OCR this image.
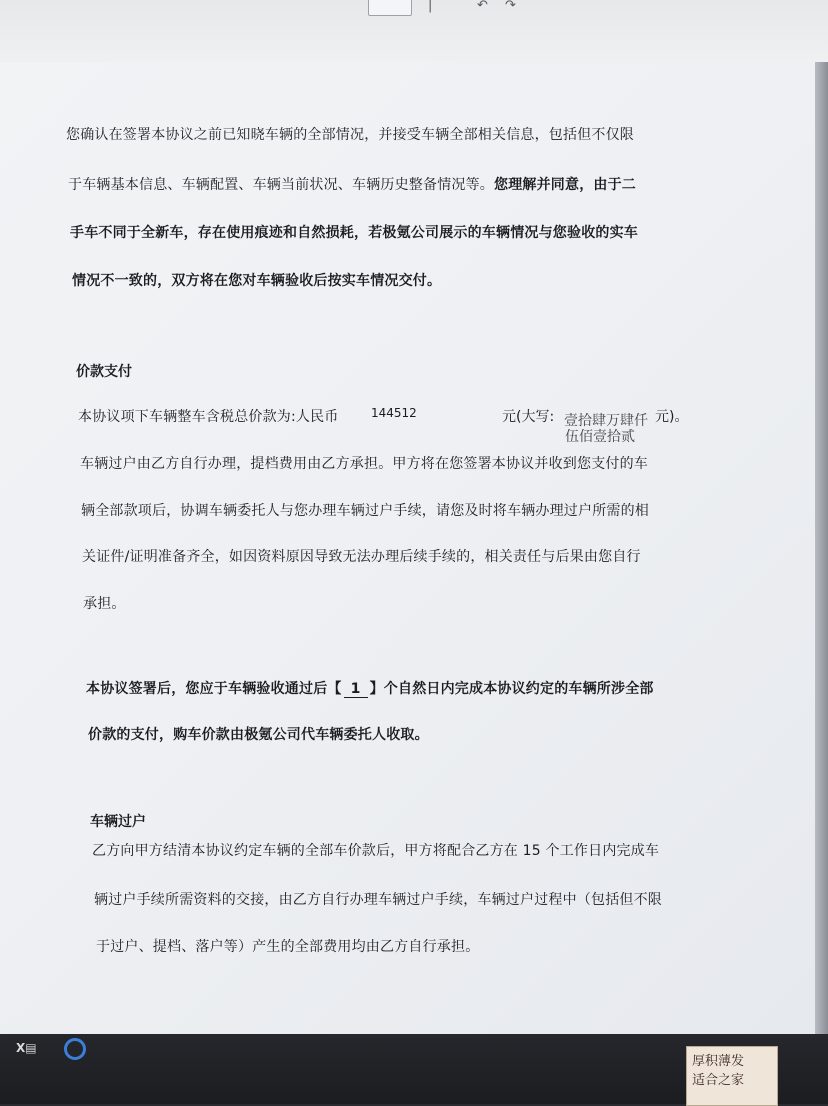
|	↶ ↷
您确认在签署本协议之前已知晓车辆的全部情况，并接受车辆全部相关信息，包括但不仅限
于车辆基本信息、车辆配置、车辆当前状况、车辆历史整备情况等。您理解并同意，由于二
手车不同于全新车，存在使用痕迹和自然损耗，若极氪公司展示的车辆情况与您验收的实车
情况不一致的，双方将在您对车辆验收后按实车情况交付。
价款支付
本协议项下车辆整车含税总价款为:人民币	144512	元(大写: 壹拾肆万肆仟
伍佰壹拾贰
元)。
车辆过户由乙方自行办理，提档费用由乙方承担。甲方将在您签署本协议并收到您支付的车
辆全部款项后，协调车辆委托人与您办理车辆过户手续，请您及时将车辆办理过户所需的相
关证件/证明准备齐全，如因资料原因导致无法办理后续手续的，相关责任与后果由您自行
承担。
本协议签署后，您应于车辆验收通过后【 1 】个自然日内完成本协议约定的车辆所涉全部
价款的支付，购车价款由极氪公司代车辆委托人收取。
车辆过户
乙方向甲方结清本协议约定车辆的全部车价款后，甲方将配合乙方在 15 个工作日内完成车
辆过户手续所需资料的交接，由乙方自行办理车辆过户手续，车辆过户过程中（包括但不限
于过户、提档、落户等）产生的全部费用均由乙方自行承担。
X▤
厚积薄发
适合之家
